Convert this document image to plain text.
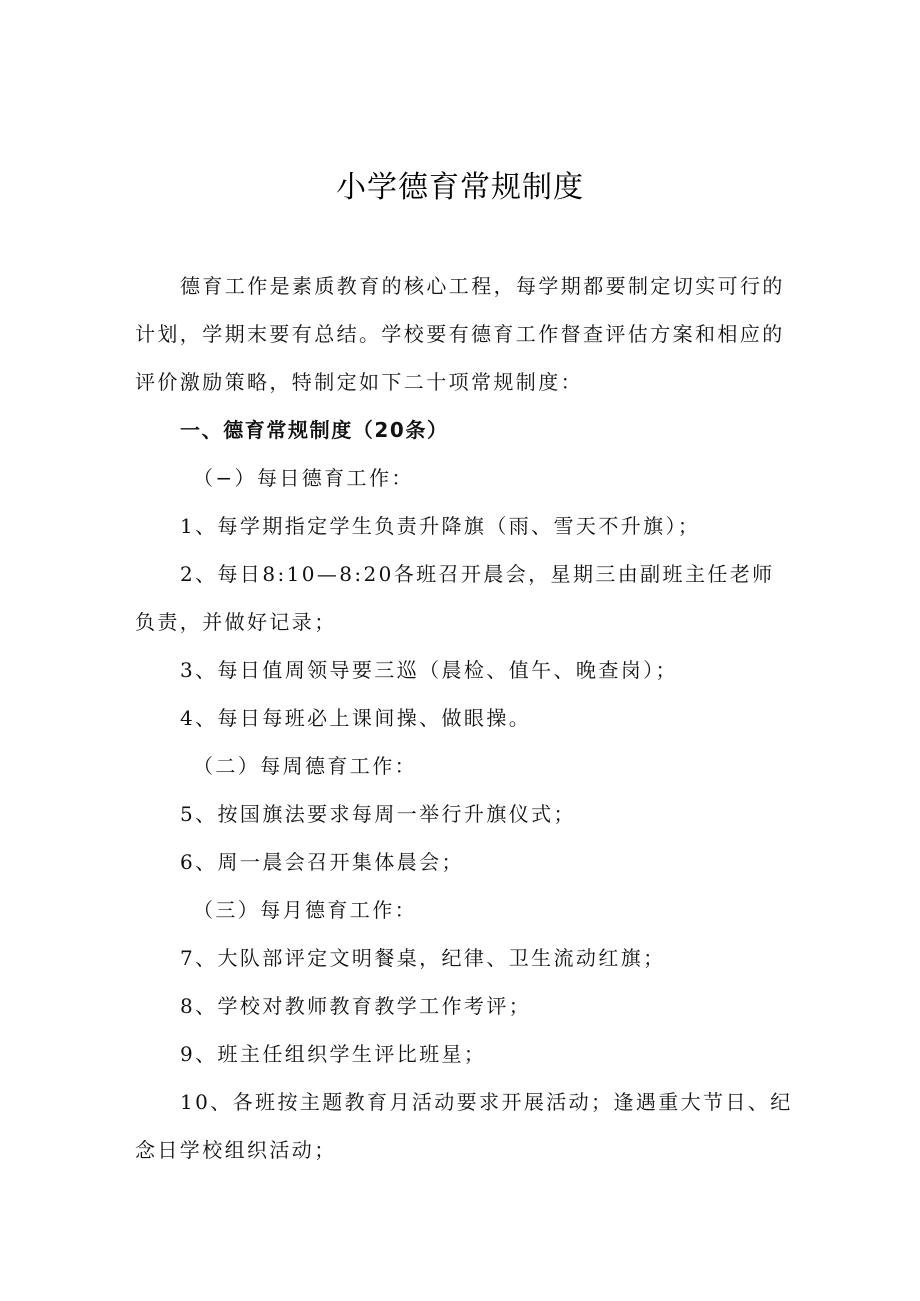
小学德育常规制度

德育工作是素质教育的核心工程，每学期都要制定切实可行的计划，学期末要有总结。学校要有德育工作督查评估方案和相应的评价激励策略，特制定如下二十项常规制度：

一、德育常规制度（20条）

（−）每日德育工作：

1、每学期指定学生负责升降旗（雨、雪天不升旗）；

2、每日8:10—8:20各班召开晨会，星期三由副班主任老师负责，并做好记录；

3、每日值周领导要三巡（晨检、值午、晚查岗）；

4、每日每班必上课间操、做眼操。

（二）每周德育工作：

5、按国旗法要求每周一举行升旗仪式；

6、周一晨会召开集体晨会；

（三）每月德育工作：

7、大队部评定文明餐桌，纪律、卫生流动红旗；

8、学校对教师教育教学工作考评；

9、班主任组织学生评比班星；

10、各班按主题教育月活动要求开展活动；逢遇重大节日、纪念日学校组织活动；
